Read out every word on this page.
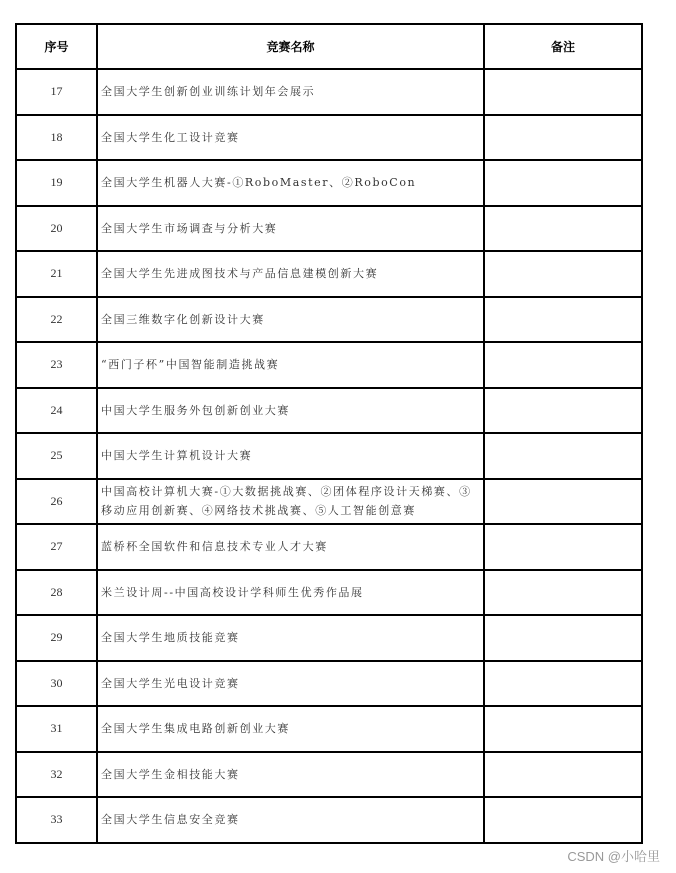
序号	竞赛名称	备注
17	全国大学生创新创业训练计划年会展示	
18	全国大学生化工设计竞赛	
19	全国大学生机器人大赛-①RoboMaster、②RoboCon	
20	全国大学生市场调查与分析大赛	
21	全国大学生先进成图技术与产品信息建模创新大赛	
22	全国三维数字化创新设计大赛	
23	“西门子杯”中国智能制造挑战赛	
24	中国大学生服务外包创新创业大赛	
25	中国大学生计算机设计大赛	
26	中国高校计算机大赛-①大数据挑战赛、②团体程序设计天梯赛、③移动应用创新赛、④网络技术挑战赛、⑤人工智能创意赛	
27	蓝桥杯全国软件和信息技术专业人才大赛	
28	米兰设计周--中国高校设计学科师生优秀作品展	
29	全国大学生地质技能竞赛	
30	全国大学生光电设计竞赛	
31	全国大学生集成电路创新创业大赛	
32	全国大学生金相技能大赛	
33	全国大学生信息安全竞赛	
CSDN @小哈里
